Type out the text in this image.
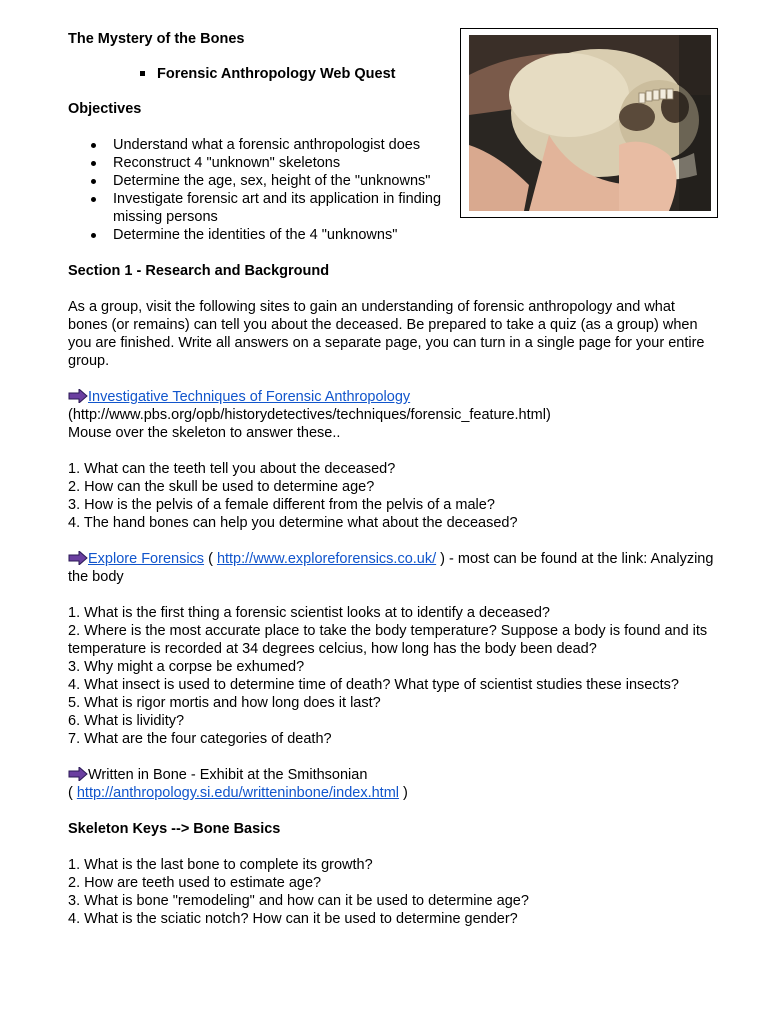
The Mystery of the Bones

Forensic Anthropology Web Quest

Objectives

Understand what a forensic anthropologist does
Reconstruct 4 "unknown" skeletons
Determine the age, sex, height of the "unknowns"
Investigate forensic art and its application in finding missing persons
Determine the identities of the 4 "unknowns"

Section 1 - Research and Background

As a group, visit the following sites to gain an understanding of forensic anthropology and what bones (or remains) can tell you about the deceased. Be prepared to take a quiz (as a group) when you are finished. Write all answers on a separate page, you can turn in a single page for your entire group.

Investigative Techniques of Forensic Anthropology
(http://www.pbs.org/opb/historydetectives/techniques/forensic_feature.html)
Mouse over the skeleton to answer these..
1. What can the teeth tell you about the deceased?
2. How can the skull be used to determine age?
3. How is the pelvis of a female different from the pelvis of a male?
4. The hand bones can help you determine what about the deceased?
Explore Forensics ( http://www.exploreforensics.co.uk/ ) - most can be found at the link: Analyzing the body
1. What is the first thing a forensic scientist looks at to identify a deceased?
2. Where is the most accurate place to take the body temperature? Suppose a body is found and its temperature is recorded at 34 degrees celcius, how long has the body been dead?
3. Why might a corpse be exhumed?
4. What insect is used to determine time of death? What type of scientist studies these insects?
5. What is rigor mortis and how long does it last?
6. What is lividity?
7. What are the four categories of death?
Written in Bone - Exhibit at the Smithsonian
( http://anthropology.si.edu/writteninbone/index.html )

Skeleton Keys --> Bone Basics

1. What is the last bone to complete its growth?
2. How are teeth used to estimate age?
3. What is bone "remodeling" and how can it be used to determine age?
4. What is the sciatic notch? How can it be used to determine gender?
